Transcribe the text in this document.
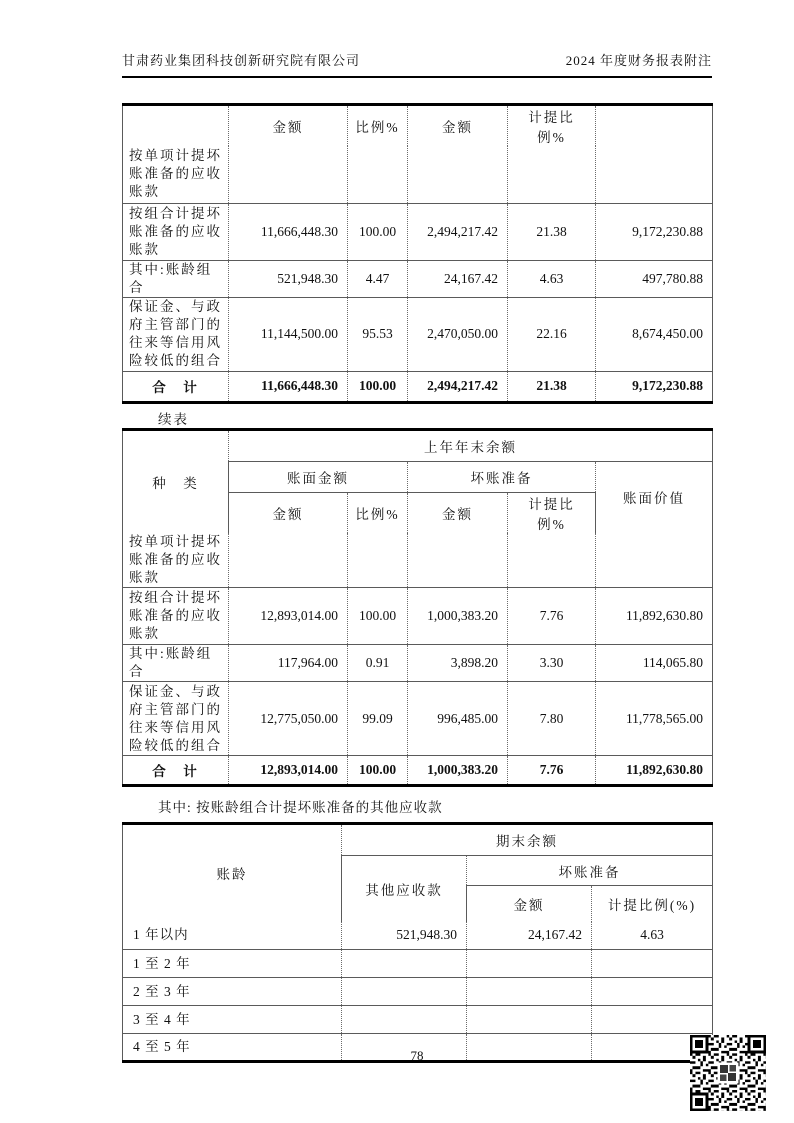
甘肃药业集团科技创新研究院有限公司	2024 年度财务报表附注
	金额	比例%	金额	计提比例%	
按单项计提坏账准备的应收账款					
按组合计提坏账准备的应收账款	11,666,448.30	100.00	2,494,217.42	21.38	9,172,230.88
其中:账龄组合	521,948.30	4.47	24,167.42	4.63	497,780.88
保证金、与政府主管部门的往来等信用风险较低的组合	11,144,500.00	95.53	2,470,050.00	22.16	8,674,450.00
合　计	11,666,448.30	100.00	2,494,217.42	21.38	9,172,230.88
续表
种　类	上年年末余额				
	账面金额		坏账准备		账面价值
	金额	比例%	金额	计提比例%	
按单项计提坏账准备的应收账款					
按组合计提坏账准备的应收账款	12,893,014.00	100.00	1,000,383.20	7.76	11,892,630.80
其中:账龄组合	117,964.00	0.91	3,898.20	3.30	114,065.80
保证金、与政府主管部门的往来等信用风险较低的组合	12,775,050.00	99.09	996,485.00	7.80	11,778,565.00
合　计	12,893,014.00	100.00	1,000,383.20	7.76	11,892,630.80
其中: 按账龄组合计提坏账准备的其他应收款
账龄	期末余额		
	其他应收款	坏账准备	
		金额	计提比例(%)
1 年以内	521,948.30	24,167.42	4.63
1 至 2 年			
2 至 3 年			
3 至 4 年			
4 至 5 年			
78
